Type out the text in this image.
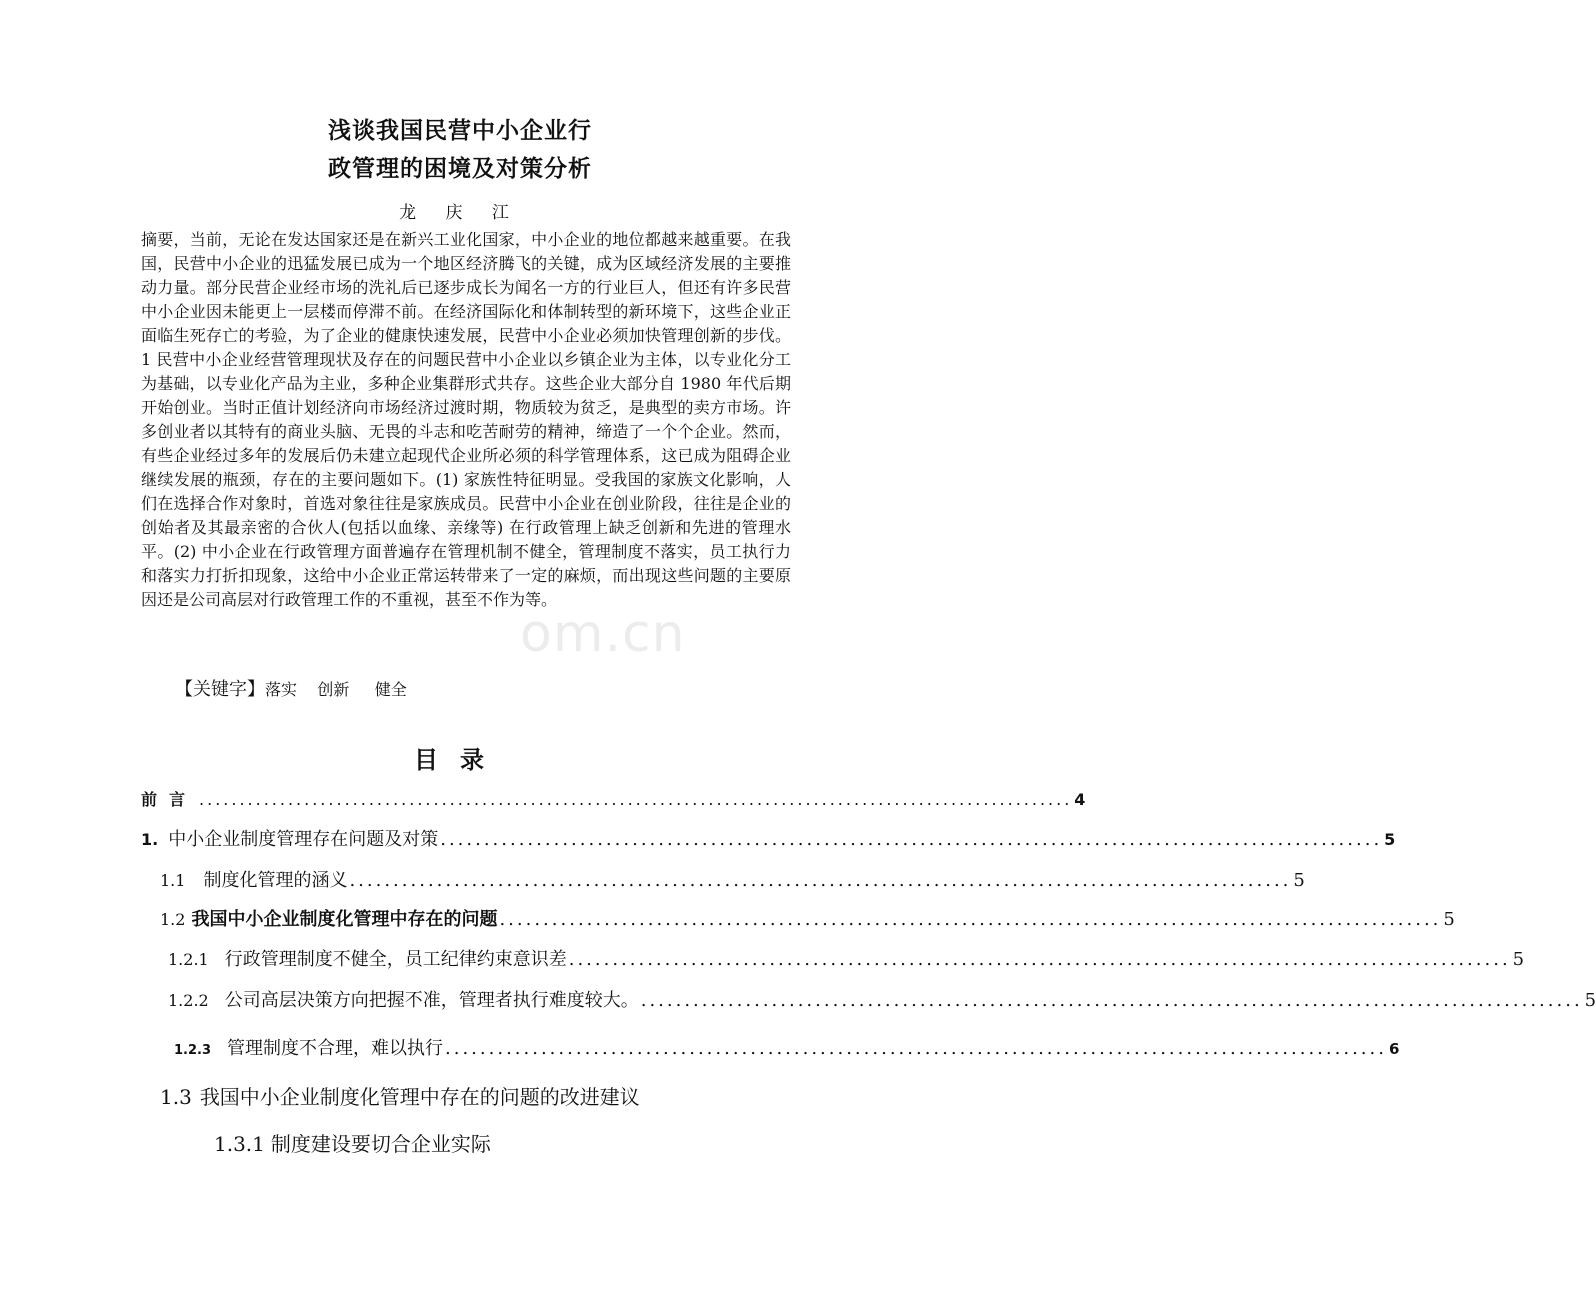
浅谈我国民营中小企业行
政管理的困境及对策分析
龙 庆 江

摘要，当前，无论在发达国家还是在新兴工业化国家，中小企业的地位都越来越重要。在我国，民营中小企业的迅猛发展已成为一个地区经济腾飞的关键，成为区域经济发展的主要推动力量。部分民营企业经市场的洗礼后已逐步成长为闻名一方的行业巨人，但还有许多民营中小企业因未能更上一层楼而停滞不前。在经济国际化和体制转型的新环境下，这些企业正面临生死存亡的考验，为了企业的健康快速发展，民营中小企业必须加快管理创新的步伐。1 民营中小企业经营管理现状及存在的问题民营中小企业以乡镇企业为主体，以专业化分工为基础，以专业化产品为主业，多种企业集群形式共存。这些企业大部分自 1980 年代后期开始创业。当时正值计划经济向市场经济过渡时期，物质较为贫乏，是典型的卖方市场。许多创业者以其特有的商业头脑、无畏的斗志和吃苦耐劳的精神，缔造了一个个企业。然而，有些企业经过多年的发展后仍未建立起现代企业所必须的科学管理体系，这已成为阻碍企业继续发展的瓶颈，存在的主要问题如下。(1) 家族性特征明显。受我国的家族文化影响，人们在选择合作对象时，首选对象往往是家族成员。民营中小企业在创业阶段，往往是企业的创始者及其最亲密的合伙人(包括以血缘、亲缘等) 在行政管理上缺乏创新和先进的管理水平。(2) 中小企业在行政管理方面普遍存在管理机制不健全，管理制度不落实，员工执行力和落实力打折扣现象，这给中小企业正常运转带来了一定的麻烦，而出现这些问题的主要原因还是公司高层对行政管理工作的不重视，甚至不作为等。

【关键字】落实    创新     健全
om.cn
目录
前言 ............................................................................................................ 4
1. 中小企业制度管理存在问题及对策 ............................................................................................................ 5
1.1 制度化管理的涵义 ............................................................................................................ 5
1.2 我国中小企业制度化管理中存在的问题 ............................................................................................................ 5
1.2.1 行政管理制度不健全，员工纪律约束意识差 ............................................................................................................ 5
1.2.2 公司高层决策方向把握不准，管理者执行难度较大。 ............................................................................................................ 5
1.2.3 管理制度不合理，难以执行 ............................................................................................................ 6
1.3 我国中小企业制度化管理中存在的问题的改进建议
1.3.1 制度建设要切合企业实际
